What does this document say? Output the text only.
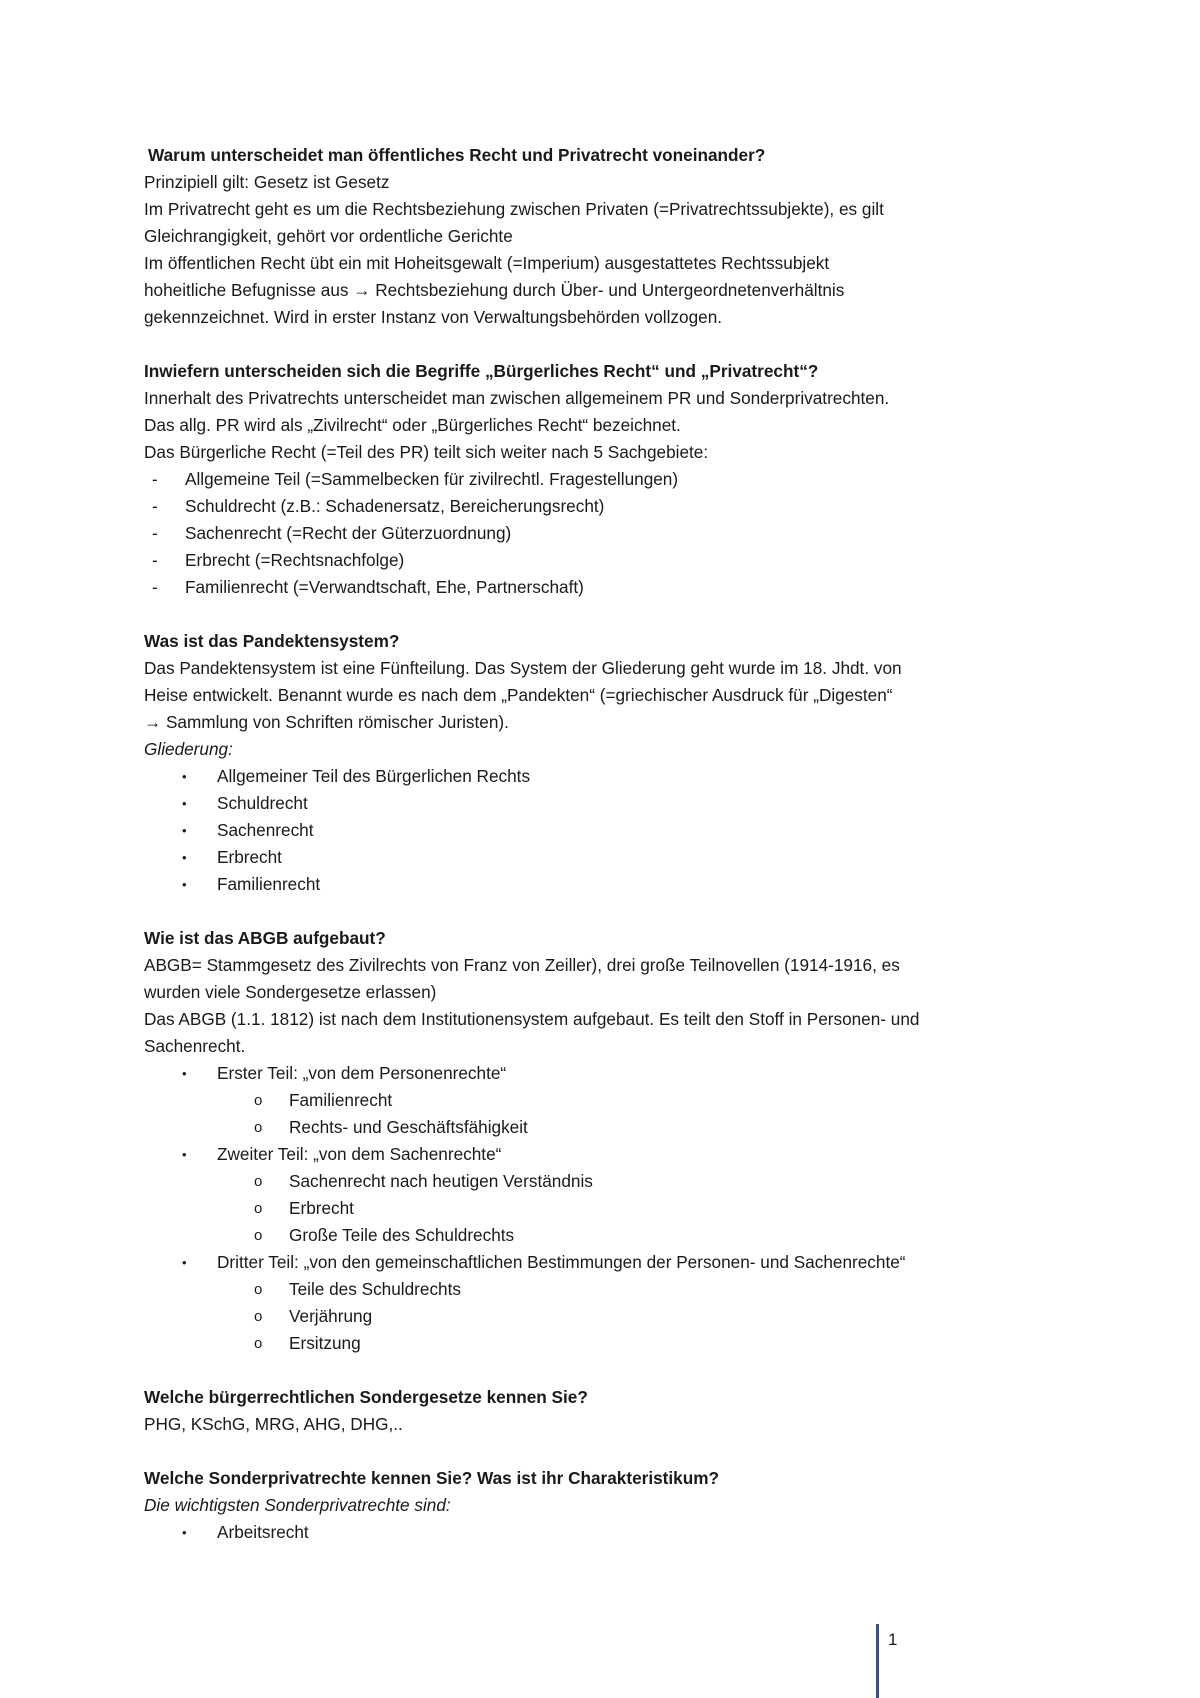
Warum unterscheidet man öffentliches Recht und Privatrecht voneinander?
Prinzipiell gilt: Gesetz ist Gesetz
Im Privatrecht geht es um die Rechtsbeziehung zwischen Privaten (=Privatrechtssubjekte), es gilt
Gleichrangigkeit, gehört vor ordentliche Gerichte
Im öffentlichen Recht übt ein mit Hoheitsgewalt (=Imperium) ausgestattetes Rechtssubjekt
hoheitliche Befugnisse aus → Rechtsbeziehung durch Über- und Untergeordnetenverhältnis
gekennzeichnet. Wird in erster Instanz von Verwaltungsbehörden vollzogen.
Inwiefern unterscheiden sich die Begriffe „Bürgerliches Recht“ und „Privatrecht“?
Innerhalt des Privatrechts unterscheidet man zwischen allgemeinem PR und Sonderprivatrechten.
Das allg. PR wird als „Zivilrecht“ oder „Bürgerliches Recht“ bezeichnet.
Das Bürgerliche Recht (=Teil des PR) teilt sich weiter nach 5 Sachgebiete:
- Allgemeine Teil (=Sammelbecken für zivilrechtl. Fragestellungen)
- Schuldrecht (z.B.: Schadenersatz, Bereicherungsrecht)
- Sachenrecht (=Recht der Güterzuordnung)
- Erbrecht (=Rechtsnachfolge)
- Familienrecht (=Verwandtschaft, Ehe, Partnerschaft)
Was ist das Pandektensystem?
Das Pandektensystem ist eine Fünfteilung. Das System der Gliederung geht wurde im 18. Jhdt. von
Heise entwickelt. Benannt wurde es nach dem „Pandekten“ (=griechischer Ausdruck für „Digesten“
→ Sammlung von Schriften römischer Juristen).
Gliederung:
• Allgemeiner Teil des Bürgerlichen Rechts
• Schuldrecht
• Sachenrecht
• Erbrecht
• Familienrecht
Wie ist das ABGB aufgebaut?
ABGB= Stammgesetz des Zivilrechts von Franz von Zeiller), drei große Teilnovellen (1914-1916, es
wurden viele Sondergesetze erlassen)
Das ABGB (1.1. 1812) ist nach dem Institutionensystem aufgebaut. Es teilt den Stoff in Personen- und
Sachenrecht.
• Erster Teil: „von dem Personenrechte“
o Familienrecht
o Rechts- und Geschäftsfähigkeit
• Zweiter Teil: „von dem Sachenrechte“
o Sachenrecht nach heutigen Verständnis
o Erbrecht
o Große Teile des Schuldrechts
• Dritter Teil: „von den gemeinschaftlichen Bestimmungen der Personen- und Sachenrechte“
o Teile des Schuldrechts
o Verjährung
o Ersitzung
Welche bürgerrechtlichen Sondergesetze kennen Sie?
PHG, KSchG, MRG, AHG, DHG,..
Welche Sonderprivatrechte kennen Sie? Was ist ihr Charakteristikum?
Die wichtigsten Sonderprivatrechte sind:
• Arbeitsrecht
1
